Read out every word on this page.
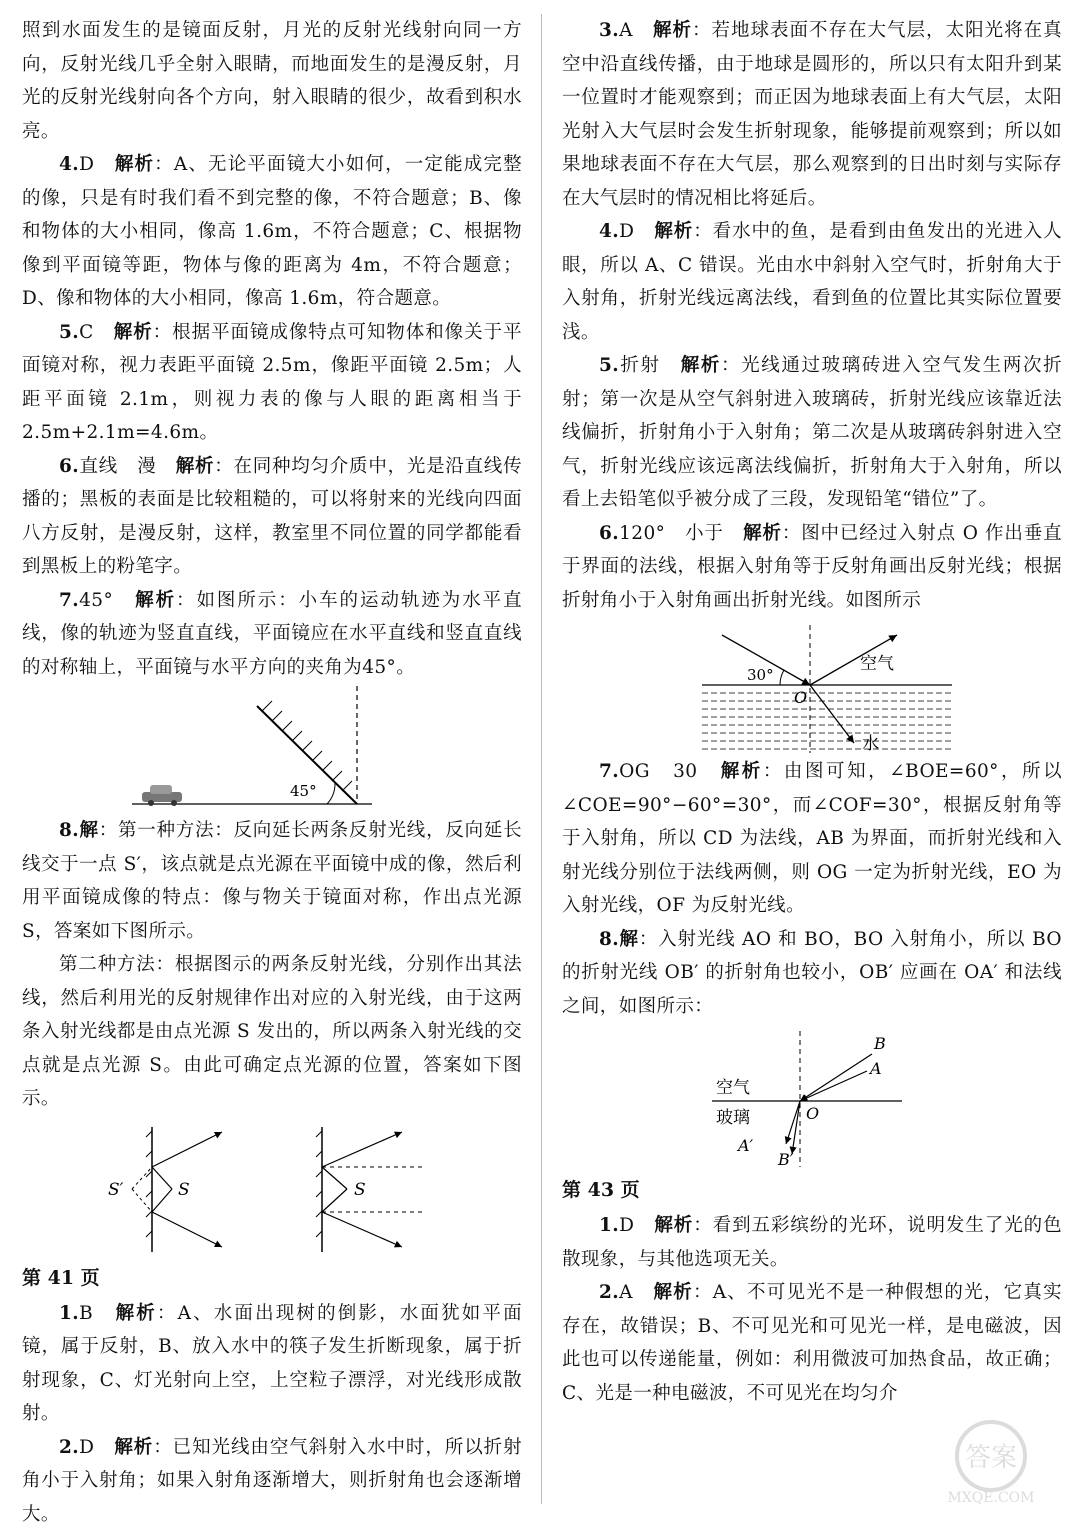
照到水面发生的是镜面反射，月光的反射光线射向同一方向，反射光线几乎全射入眼睛，而地面发生的是漫反射，月光的反射光线射向各个方向，射入眼睛的很少，故看到积水亮。

4.D　 解析：A、无论平面镜大小如何，一定能成完整的像，只是有时我们看不到完整的像，不符合题意；B、像和物体的大小相同，像高 1.6m，不符合题意；C、根据物像到平面镜等距，物体与像的距离为 4m，不符合题意；D、像和物体的大小相同，像高 1.6m，符合题意。

5.C　 解析：根据平面镜成像特点可知物体和像关于平面镜对称，视力表距平面镜 2.5m，像距平面镜 2.5m；人距平面镜 2.1m，则视力表的像与人眼的距离相当于 2.5m+2.1m=4.6m。

6.直线　漫　 解析：在同种均匀介质中，光是沿直线传播的；黑板的表面是比较粗糙的，可以将射来的光线向四面八方反射，是漫反射，这样，教室里不同位置的同学都能看到黑板上的粉笔字。

7.45°　 解析：如图所示：小车的运动轨迹为水平直线，像的轨迹为竖直直线，平面镜应在水平直线和竖直直线的对称轴上，平面镜与水平方向的夹角为45°。

45°

8.解：第一种方法：反向延长两条反射光线，反向延长线交于一点 S′，该点就是点光源在平面镜中成的像，然后利用平面镜成像的特点：像与物关于镜面对称，作出点光源 S，答案如下图所示。

第二种方法：根据图示的两条反射光线，分别作出其法线，然后利用光的反射规律作出对应的入射光线，由于这两条入射光线都是由点光源 S 发出的，所以两条入射光线的交点就是点光源 S。由此可确定点光源的位置，答案如下图示。

S′	S	S
第 41 页

1.B　 解析：A、水面出现树的倒影，水面犹如平面镜，属于反射，B、放入水中的筷子发生折断现象，属于折射现象，C、灯光射向上空，上空粒子漂浮，对光线形成散射。

2.D　 解析：已知光线由空气斜射入水中时，所以折射角小于入射角；如果入射角逐渐增大，则折射角也会逐渐增大。

3.A　 解析：若地球表面不存在大气层，太阳光将在真空中沿直线传播，由于地球是圆形的，所以只有太阳升到某一位置时才能观察到；而正因为地球表面上有大气层，太阳光射入大气层时会发生折射现象，能够提前观察到；所以如果地球表面不存在大气层，那么观察到的日出时刻与实际存在大气层时的情况相比将延后。

4.D　 解析：看水中的鱼，是看到由鱼发出的光进入人眼，所以 A、C 错误。光由水中斜射入空气时，折射角大于入射角，折射光线远离法线，看到鱼的位置比其实际位置要浅。

5.折射　 解析：光线通过玻璃砖进入空气发生两次折射；第一次是从空气斜射进入玻璃砖，折射光线应该靠近法线偏折，折射角小于入射角；第二次是从玻璃砖斜射进入空气，折射光线应该远离法线偏折，折射角大于入射角，所以看上去铅笔似乎被分成了三段，发现铅笔“错位”了。

6.120°　小于　 解析：图中已经过入射点 O 作出垂直于界面的法线，根据入射角等于反射角画出反射光线；根据折射角小于入射角画出折射光线。如图所示

30°
空气
O
水

7.OG　30　 解析：由图可知，∠BOE=60°，所以∠COE=90°−60°=30°，而∠COF=30°，根据反射角等于入射角，所以 CD 为法线，AB 为界面，而折射光线和入射光线分别位于法线两侧，则 OG 一定为折射光线，EO 为入射光线，OF 为反射光线。

8.解：入射光线 AO 和 BO，BO 入射角小，所以 BO 的折射光线 OB′ 的折射角也较小，OB′ 应画在 OA′ 和法线之间，如图所示：

B
A
空气
O
玻璃
A′
B′
第 43 页

1.D　 解析：看到五彩缤纷的光环，说明发生了光的色散现象，与其他选项无关。

2.A　 解析：A、不可见光不是一种假想的光，它真实存在，故错误；B、不可见光和可见光一样，是电磁波，因此也可以传递能量，例如：利用微波可加热食品，故正确；C、光是一种电磁波，不可见光在均匀介

答案
MXQE.COM
